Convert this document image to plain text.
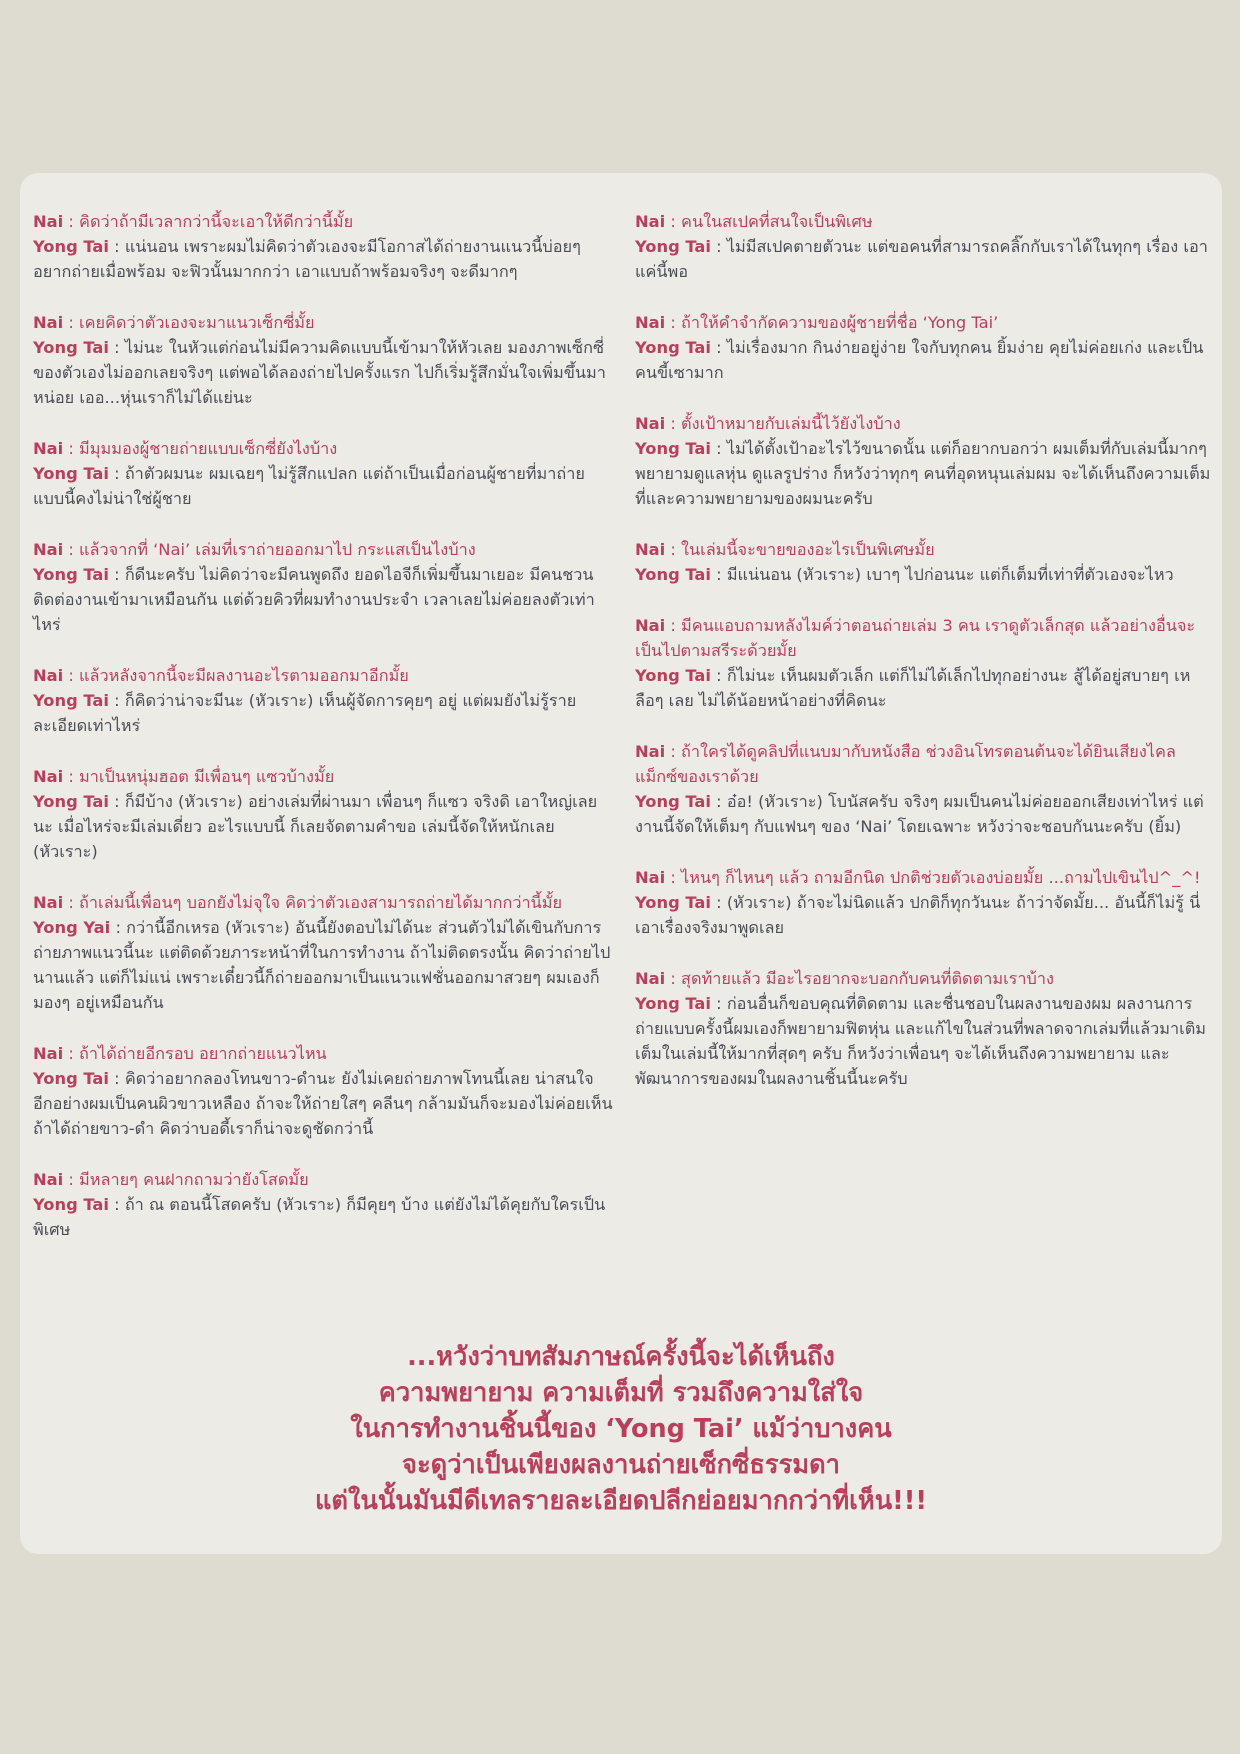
Nai : คิดว่าถ้ามีเวลากว่านี้จะเอาให้ดีกว่านี้มั้ย
Yong Tai : แน่นอน เพราะผมไม่คิดว่าตัวเองจะมีโอกาสได้ถ่ายงานแนวนี้บ่อยๆ อยากถ่ายเมื่อพร้อม จะฟิวนั้นมากกว่า เอาแบบถ้าพร้อมจริงๆ จะดีมากๆ
Nai : เคยคิดว่าตัวเองจะมาแนวเซ็กซี่มั้ย
Yong Tai : ไม่นะ ในหัวแต่ก่อนไม่มีความคิดแบบนี้เข้ามาให้หัวเลย มองภาพเซ็กซี่ของตัวเองไม่ออกเลยจริงๆ แต่พอได้ลองถ่ายไปครั้งแรก ไปก็เริ่มรู้สึกมั่นใจเพิ่มขึ้นมาหน่อย เออ...หุ่นเราก็ไม่ได้แย่นะ
Nai : มีมุมมองผู้ชายถ่ายแบบเซ็กซี่ยังไงบ้าง
Yong Tai : ถ้าตัวผมนะ ผมเฉยๆ ไม่รู้สึกแปลก แต่ถ้าเป็นเมื่อก่อนผู้ชายที่มาถ่ายแบบนี้คงไม่น่าใช่ผู้ชาย
Nai : แล้วจากที่ ‘Nai’ เล่มที่เราถ่ายออกมาไป กระแสเป็นไงบ้าง
Yong Tai : ก็ดีนะครับ ไม่คิดว่าจะมีคนพูดถึง ยอดไอจีก็เพิ่มขึ้นมาเยอะ มีคนชวนติดต่องานเข้ามาเหมือนกัน แต่ด้วยคิวที่ผมทำงานประจำ เวลาเลยไม่ค่อยลงตัวเท่าไหร่
Nai : แล้วหลังจากนี้จะมีผลงานอะไรตามออกมาอีกมั้ย
Yong Tai : ก็คิดว่าน่าจะมีนะ (หัวเราะ) เห็นผู้จัดการคุยๆ อยู่ แต่ผมยังไม่รู้รายละเอียดเท่าไหร่
Nai : มาเป็นหนุ่มฮอต มีเพื่อนๆ แซวบ้างมั้ย
Yong Tai : ก็มีบ้าง (หัวเราะ) อย่างเล่มที่ผ่านมา เพื่อนๆ ก็แซว จริงดิ เอาใหญ่เลยนะ เมื่อไหร่จะมีเล่มเดี่ยว อะไรแบบนี้ ก็เลยจัดตามคำขอ เล่มนี้จัดให้หนักเลย (หัวเราะ)
Nai : ถ้าเล่มนี้เพื่อนๆ บอกยังไม่จุใจ คิดว่าตัวเองสามารถถ่ายได้มากกว่านี้มั้ย
Yong Yai : กว่านี้อีกเหรอ (หัวเราะ) อันนี้ยังตอบไม่ได้นะ ส่วนตัวไม่ได้เขินกับการถ่ายภาพแนวนี้นะ แต่ติดด้วยภาระหน้าที่ในการทำงาน ถ้าไม่ติดตรงนั้น คิดว่าถ่ายไปนานแล้ว แต่ก็ไม่แน่ เพราะเดี๋ยวนี้ก็ถ่ายออกมาเป็นแนวแฟชั่นออกมาสวยๆ ผมเองก็มองๆ อยู่เหมือนกัน
Nai : ถ้าได้ถ่ายอีกรอบ อยากถ่ายแนวไหน
Yong Tai : คิดว่าอยากลองโทนขาว-ดำนะ ยังไม่เคยถ่ายภาพโทนนี้เลย น่าสนใจ อีกอย่างผมเป็นคนผิวขาวเหลือง ถ้าจะให้ถ่ายใสๆ คลีนๆ กล้ามมันก็จะมองไม่ค่อยเห็น ถ้าได้ถ่ายขาว-ดำ คิดว่าบอดี้เราก็น่าจะดูชัดกว่านี้
Nai : มีหลายๆ คนฝากถามว่ายังโสดมั้ย
Yong Tai : ถ้า ณ ตอนนี้โสดครับ (หัวเราะ) ก็มีคุยๆ บ้าง แต่ยังไม่ได้คุยกับใครเป็นพิเศษ
Nai : คนในสเปคที่สนใจเป็นพิเศษ
Yong Tai : ไม่มีสเปคตายตัวนะ แต่ขอคนที่สามารถคลิ๊กกับเราได้ในทุกๆ เรื่อง เอาแค่นี้พอ
Nai : ถ้าให้คำจำกัดความของผู้ชายที่ชื่อ ‘Yong Tai’
Yong Tai : ไม่เรื่องมาก กินง่ายอยู่ง่าย ใจกับทุกคน ยิ้มง่าย คุยไม่ค่อยเก่ง และเป็นคนขี้เซามาก
Nai : ตั้งเป้าหมายกับเล่มนี้ไว้ยังไงบ้าง
Yong Tai : ไม่ได้ตั้งเป้าอะไรไว้ขนาดนั้น แต่ก็อยากบอกว่า ผมเต็มที่กับเล่มนี้มากๆ พยายามดูแลหุ่น ดูแลรูปร่าง ก็หวังว่าทุกๆ คนที่อุดหนุนเล่มผม จะได้เห็นถึงความเต็มที่และความพยายามของผมนะครับ
Nai : ในเล่มนี้จะขายของอะไรเป็นพิเศษมั้ย
Yong Tai : มีแน่นอน (หัวเราะ) เบาๆ ไปก่อนนะ แต่ก็เต็มที่เท่าที่ตัวเองจะไหว
Nai : มีคนแอบถามหลังไมค์ว่าตอนถ่ายเล่ม 3 คน เราดูตัวเล็กสุด แล้วอย่างอื่นจะเป็นไปตามสรีระด้วยมั้ย
Yong Tai : ก็ไม่นะ เห็นผมตัวเล็ก แต่ก็ไม่ได้เล็กไปทุกอย่างนะ สู้ได้อยู่สบายๆ เหลือๆ เลย ไม่ได้น้อยหน้าอย่างที่คิดนะ
Nai : ถ้าใครได้ดูคลิปที่แนบมากับหนังสือ ช่วงอินโทรตอนต้นจะได้ยินเสียงไคลแม็กซ์ของเราด้วย
Yong Tai : อ๋อ! (หัวเราะ) โบนัสครับ จริงๆ ผมเป็นคนไม่ค่อยออกเสียงเท่าไหร่ แต่งานนี้จัดให้เต็มๆ กับแฟนๆ ของ ‘Nai’ โดยเฉพาะ หวังว่าจะชอบกันนะครับ (ยิ้ม)
Nai : ไหนๆ ก็ไหนๆ แล้ว ถามอีกนิด ปกติช่วยตัวเองบ่อยมั้ย ...ถามไปเขินไป^_^!
Yong Tai : (หัวเราะ) ถ้าจะไม่นิดแล้ว ปกติก็ทุกวันนะ ถ้าว่าจัดมั้ย... อันนี้ก็ไม่รู้ นี่เอาเรื่องจริงมาพูดเลย
Nai : สุดท้ายแล้ว มีอะไรอยากจะบอกกับคนที่ติดตามเราบ้าง
Yong Tai : ก่อนอื่นก็ขอบคุณที่ติดตาม และชื่นชอบในผลงานของผม ผลงานการถ่ายแบบครั้งนี้ผมเองก็พยายามฟิตหุ่น และแก้ไขในส่วนที่พลาดจากเล่มที่แล้วมาเติมเต็มในเล่มนี้ให้มากที่สุดๆ ครับ ก็หวังว่าเพื่อนๆ จะได้เห็นถึงความพยายาม และพัฒนาการของผมในผลงานชิ้นนี้นะครับ
...หวังว่าบทสัมภาษณ์ครั้งนี้จะได้เห็นถึง
ความพยายาม ความเต็มที่ รวมถึงความใส่ใจ
ในการทำงานชิ้นนี้ของ ‘Yong Tai’ แม้ว่าบางคน
จะดูว่าเป็นเพียงผลงานถ่ายเซ็กซี่ธรรมดา
แต่ในนั้นมันมีดีเทลรายละเอียดปลีกย่อยมากกว่าที่เห็น!!!
